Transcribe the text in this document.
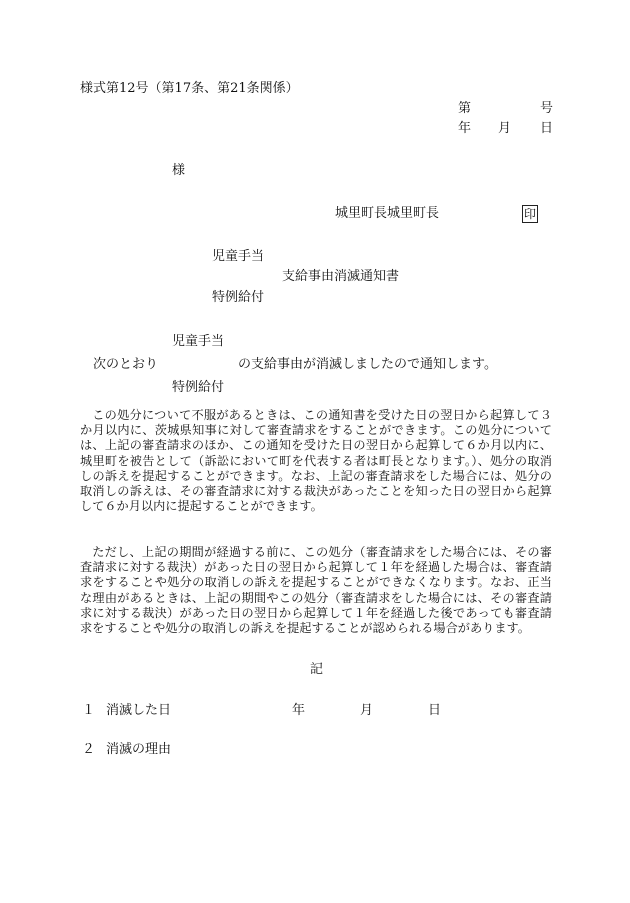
様式第12号（第17条、第21条関係）
第	号
年 月 日
様
城里町長城里町長	印
児童手当
支給事由消滅通知書
特例給付
児童手当
次のとおり	の支給事由が消滅しましたので通知します。
特例給付
この処分について不服があるときは、この通知書を受けた日の翌日から起算して３か月以内に、茨城県知事に対して審査請求をすることができます。この処分については、上記の審査請求のほか、この通知を受けた日の翌日から起算して６か月以内に、城里町を被告として（訴訟において町を代表する者は町長となります。）、処分の取消しの訴えを提起することができます。なお、上記の審査請求をした場合には、処分の取消しの訴えは、その審査請求に対する裁決があったことを知った日の翌日から起算して６か月以内に提起することができます。
ただし、上記の期間が経過する前に、この処分（審査請求をした場合には、その審査請求に対する裁決）があった日の翌日から起算して１年を経過した場合は、審査請求をすることや処分の取消しの訴えを提起することができなくなります。なお、正当な理由があるときは、上記の期間やこの処分（審査請求をした場合には、その審査請求に対する裁決）があった日の翌日から起算して１年を経過した後であっても審査請求をすることや処分の取消しの訴えを提起することが認められる場合があります。
記
１ 消滅した日	年	月	日
２ 消滅の理由
